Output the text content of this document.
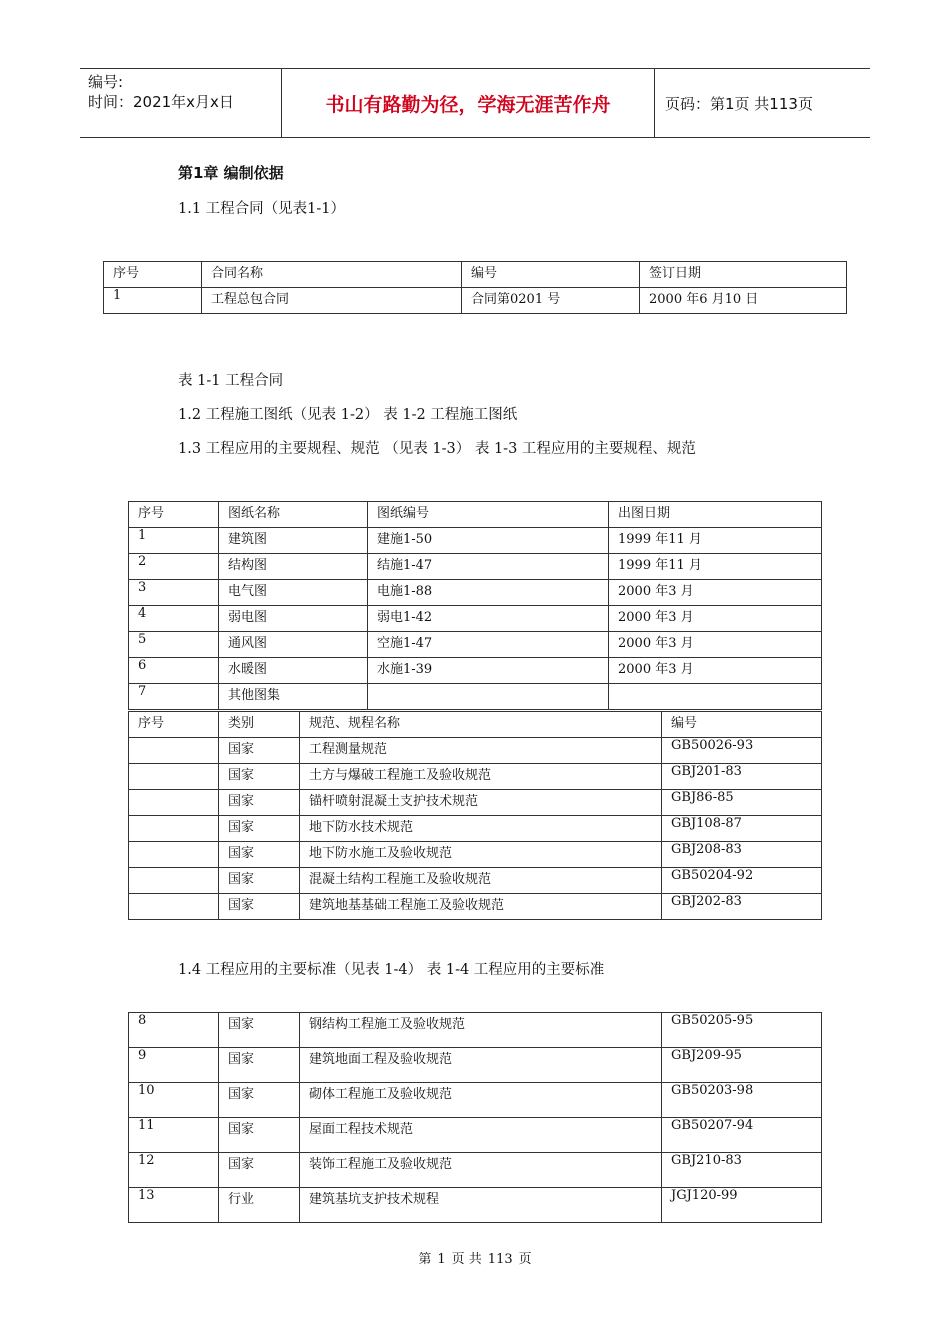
编号:
时间：2021年x月x日	书山有路勤为径，学海无涯苦作舟	页码：第1页 共113页
第1章 编制依据
1.1 工程合同（见表1-1）
序号	合同名称	编号	签订日期
1	工程总包合同	合同第0201 号	2000 年6 月10 日
表 1-1 工程合同
1.2 工程施工图纸（见表 1-2） 表 1-2 工程施工图纸
1.3 工程应用的主要规程、规范 （见表 1-3） 表 1-3 工程应用的主要规程、规范
序号	图纸名称	图纸编号	出图日期
1	建筑图	建施1-50	1999 年11 月
2	结构图	结施1-47	1999 年11 月
3	电气图	电施1-88	2000 年3 月
4	弱电图	弱电1-42	2000 年3 月
5	通风图	空施1-47	2000 年3 月
6	水暖图	水施1-39	2000 年3 月
7	其他图集		
序号	类别	规范、规程名称	编号
	国家	工程测量规范	GB50026-93
	国家	土方与爆破工程施工及验收规范	GBJ201-83
	国家	锚杆喷射混凝土支护技术规范	GBJ86-85
	国家	地下防水技术规范	GBJ108-87
	国家	地下防水施工及验收规范	GBJ208-83
	国家	混凝土结构工程施工及验收规范	GB50204-92
	国家	建筑地基基础工程施工及验收规范	GBJ202-83
1.4 工程应用的主要标准（见表 1-4） 表 1-4 工程应用的主要标准
8	国家	钢结构工程施工及验收规范	GB50205-95
9	国家	建筑地面工程及验收规范	GBJ209-95
10	国家	砌体工程施工及验收规范	GB50203-98
11	国家	屋面工程技术规范	GB50207-94
12	国家	装饰工程施工及验收规范	GBJ210-83
13	行业	建筑基坑支护技术规程	JGJ120-99
第 1 页 共 113 页
